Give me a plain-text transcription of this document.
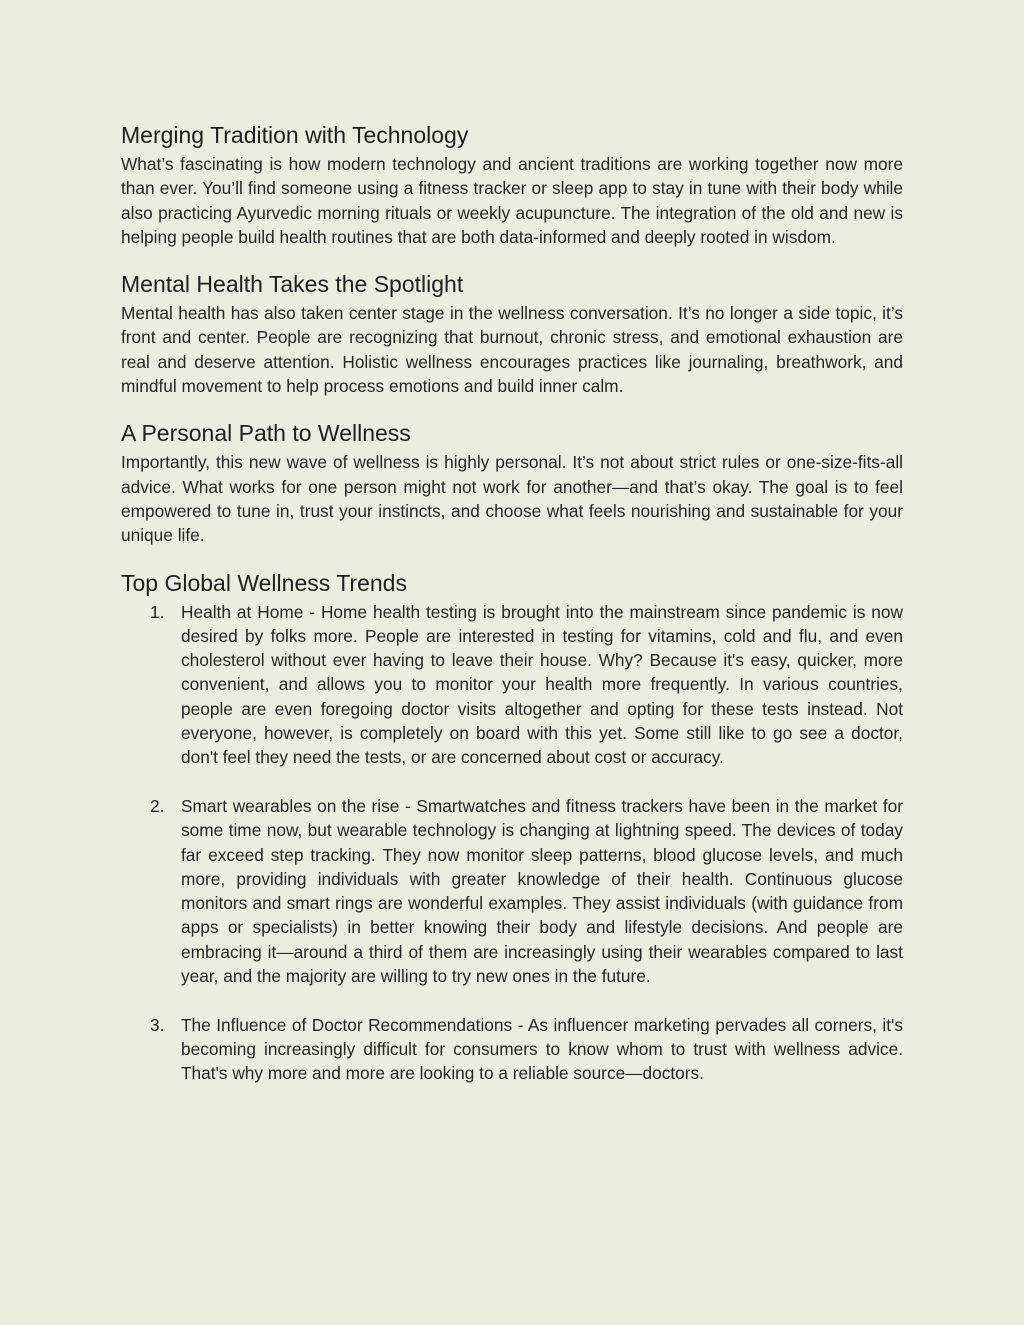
Merging Tradition with Technology

What’s fascinating is how modern technology and ancient traditions are working together now more than ever. You’ll find someone using a fitness tracker or sleep app to stay in tune with their body while also practicing Ayurvedic morning rituals or weekly acupuncture. The integration of the old and new is helping people build health routines that are both data-informed and deeply rooted in wisdom.

Mental Health Takes the Spotlight

Mental health has also taken center stage in the wellness conversation. It’s no longer a side topic, it’s front and center. People are recognizing that burnout, chronic stress, and emotional exhaustion are real and deserve attention. Holistic wellness encourages practices like journaling, breathwork, and mindful movement to help process emotions and build inner calm.

A Personal Path to Wellness

Importantly, this new wave of wellness is highly personal. It’s not about strict rules or one-size-fits-all advice. What works for one person might not work for another—and that’s okay. The goal is to feel empowered to tune in, trust your instincts, and choose what feels nourishing and sustainable for your unique life.

Top Global Wellness Trends
1. Health at Home - Home health testing is brought into the mainstream since pandemic is now desired by folks more. People are interested in testing for vitamins, cold and flu, and even cholesterol without ever having to leave their house. Why? Because it's easy, quicker, more convenient, and allows you to monitor your health more frequently. In various countries, people are even foregoing doctor visits altogether and opting for these tests instead. Not everyone, however, is completely on board with this yet. Some still like to go see a doctor, don't feel they need the tests, or are concerned about cost or accuracy.
2. Smart wearables on the rise - Smartwatches and fitness trackers have been in the market for some time now, but wearable technology is changing at lightning speed. The devices of today far exceed step tracking. They now monitor sleep patterns, blood glucose levels, and much more, providing individuals with greater knowledge of their health. Continuous glucose monitors and smart rings are wonderful examples. They assist individuals (with guidance from apps or specialists) in better knowing their body and lifestyle decisions. And people are embracing it—around a third of them are increasingly using their wearables compared to last year, and the majority are willing to try new ones in the future.
3. The Influence of Doctor Recommendations - As influencer marketing pervades all corners, it's becoming increasingly difficult for consumers to know whom to trust with wellness advice. That's why more and more are looking to a reliable source—doctors.
